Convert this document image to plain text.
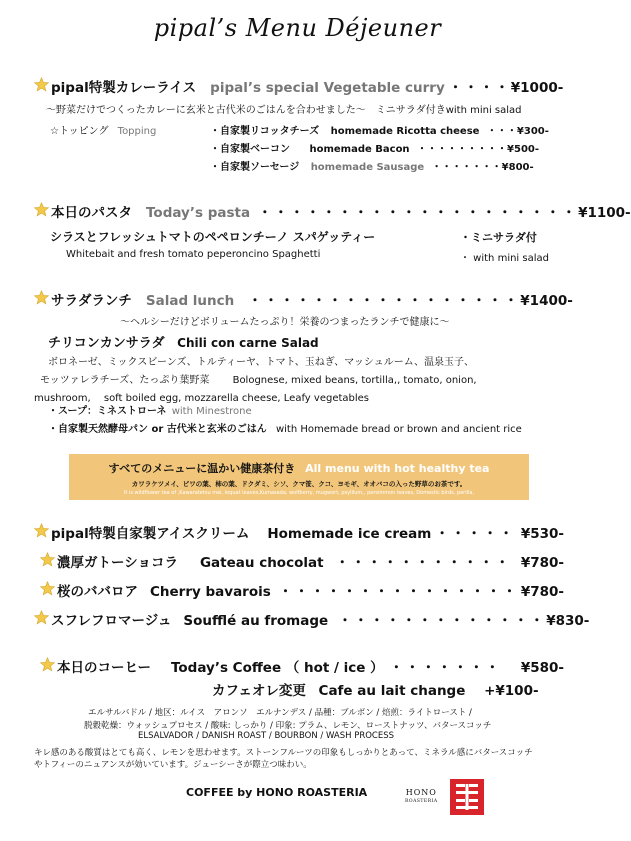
pipal’s Menu Déjeuner
pipal特製カレーライス pipal’s special Vegetable curry ・・・・ ¥1000-
〜野菜だけでつくったカレーに玄米と古代米のごはんを合わせました〜　ミニサラダ付きwith mini salad
☆トッピング Topping	・自家製リコッタチーズ homemade Ricotta cheese ・・・¥300-
・自家製ベーコン homemade Bacon ・・・・・・・・・¥500-
・自家製ソーセージ homemade Sausage ・・・・・・・¥800-
本日のパスタ Today’s pasta ・・・・・・・・・・・・・・・・・・・・ ¥1100-
シラスとフレッシュトマトのペペロンチーノ スパゲッティー	・ミニサラダ付
Whitebait and fresh tomato peperoncino Spaghetti	・ with mini salad
サラダランチ Salad lunch ・・・・・・・・・・・・・・・・・ ¥1400-
〜ヘルシーだけどボリュームたっぷり！栄養のつまったランチで健康に〜
チリコンカンサラダ Chili con carne Salad
ボロネーゼ、ミックスビーンズ、トルティーヤ、トマト、玉ねぎ、マッシュルーム、温泉玉子、
モッツァレラチーズ、たっぷり葉野菜　　 Bolognese, mixed beans, tortilla,, tomato, onion,
mushroom,　 soft boiled egg, mozzarella cheese, Leafy vegetables
・スープ：ミネストローネ with Minestrone
・自家製天然酵母パン or 古代米と玄米のごはん with Homemade bread or brown and ancient rice
すべてのメニューに温かい健康茶付き All menu with hot healthy tea
カワラケツメイ、ビワの葉、柿の葉、ドクダミ、シソ、クマ笹、クコ、ヨモギ、オオバコの入った野草のお茶です。
It is wildflower tea of ,Kawaratetsu mei, loquat leaves,Kumasada, wolfberry, mugwort, psyllium,, persimmon leaves, Domestic birds, perilla,
pipal特製自家製アイスクリーム Homemade ice cream ・・・・・ ¥530-
濃厚ガトーショコラ Gateau chocolat ・・・・・・・・・・・ ¥780-
桜のババロア Cherry bavarois ・・・・・・・・・・・・・・・ ¥780-
スフレフロマージュ Soufflé au fromage ・・・・・・・・・・・・・ ¥830-
本日のコーヒー Today’s Coffee （ hot / ice ） ・・・・・・・	¥580-
カフェオレ変更 Cafe au lait change +¥100-
エルサルバドル / 地区：ルイス　アロンソ　エルナンデス / 品種：ブルボン / 焙煎：ライトロースト /
脱穀乾燥：ウォッシュプロセス / 酸味: しっかり / 印象: プラム、レモン、ローストナッツ、バタースコッチ
ELSALVADOR / DANISH ROAST / BOURBON / WASH PROCESS
キレ感のある酸質はとても高く、レモンを思わせます。ストーンフルーツの印象もしっかりとあって、ミネラル感にバタースコッチ
やトフィーのニュアンスが効いています。ジューシーさが際立つ味わい。
COFFEE by HONO ROASTERIA	HONO
ROASTERIA
